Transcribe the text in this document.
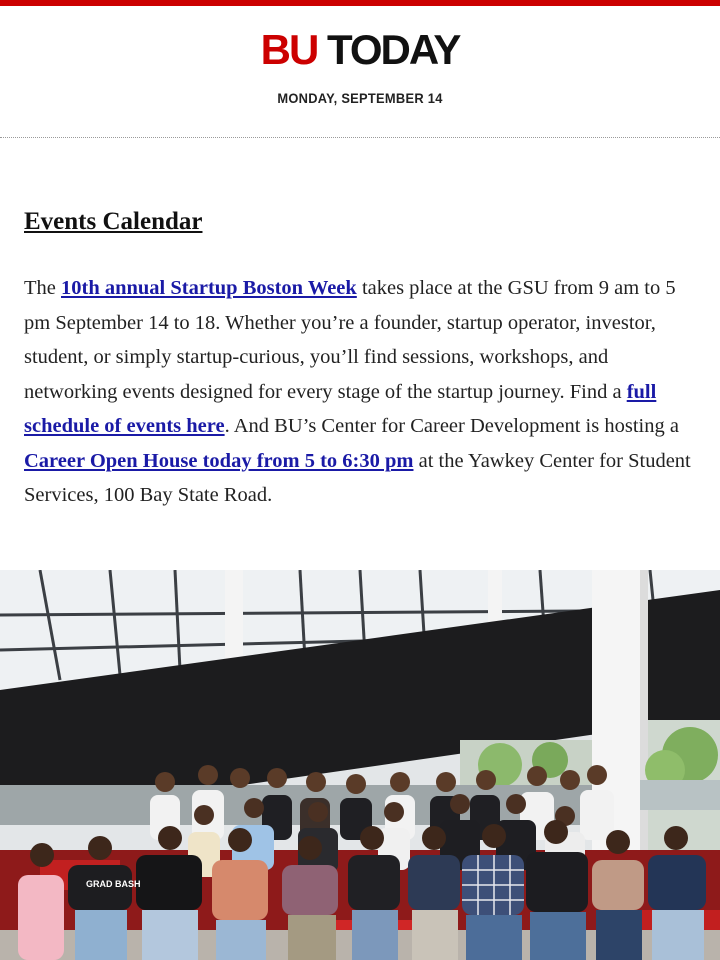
BU TODAY
MONDAY, SEPTEMBER 14
Events Calendar

The 10th annual Startup Boston Week takes place at the GSU from 9 am to 5 pm September 14 to 18. Whether you’re a founder, startup operator, investor, student, or simply startup-curious, you’ll find sessions, workshops, and networking events designed for every stage of the startup journey. Find a full schedule of events here. And BU’s Center for Career Development is hosting a Career Open House today from 5 to 6:30 pm at the Yawkey Center for Student Services, 100 Bay State Road.

GRAD BASH
